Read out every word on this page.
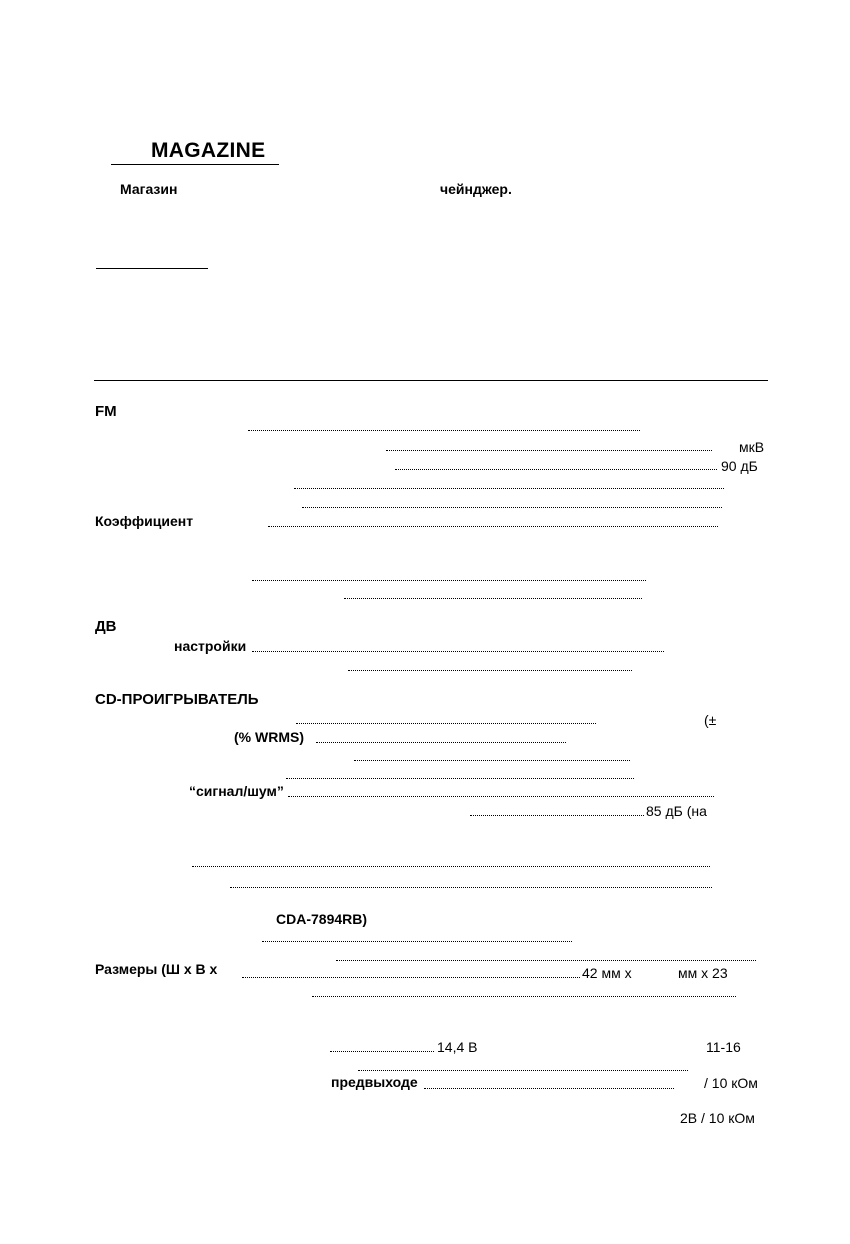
MAGAZINE
Магазин	чейнджер.
FM
мкВ
90 дБ
Коэффициент
ДВ
настройки
CD-ПРОИГРЫВАТЕЛЬ
(±
(% WRMS)
“сигнал/шум”
85 дБ (на
CDA-7894RB)
Размеры (Ш x В x	42 мм x	мм x 23
14,4 В	11-16
предвыходе	/ 10 кОм
2В / 10 кОм
